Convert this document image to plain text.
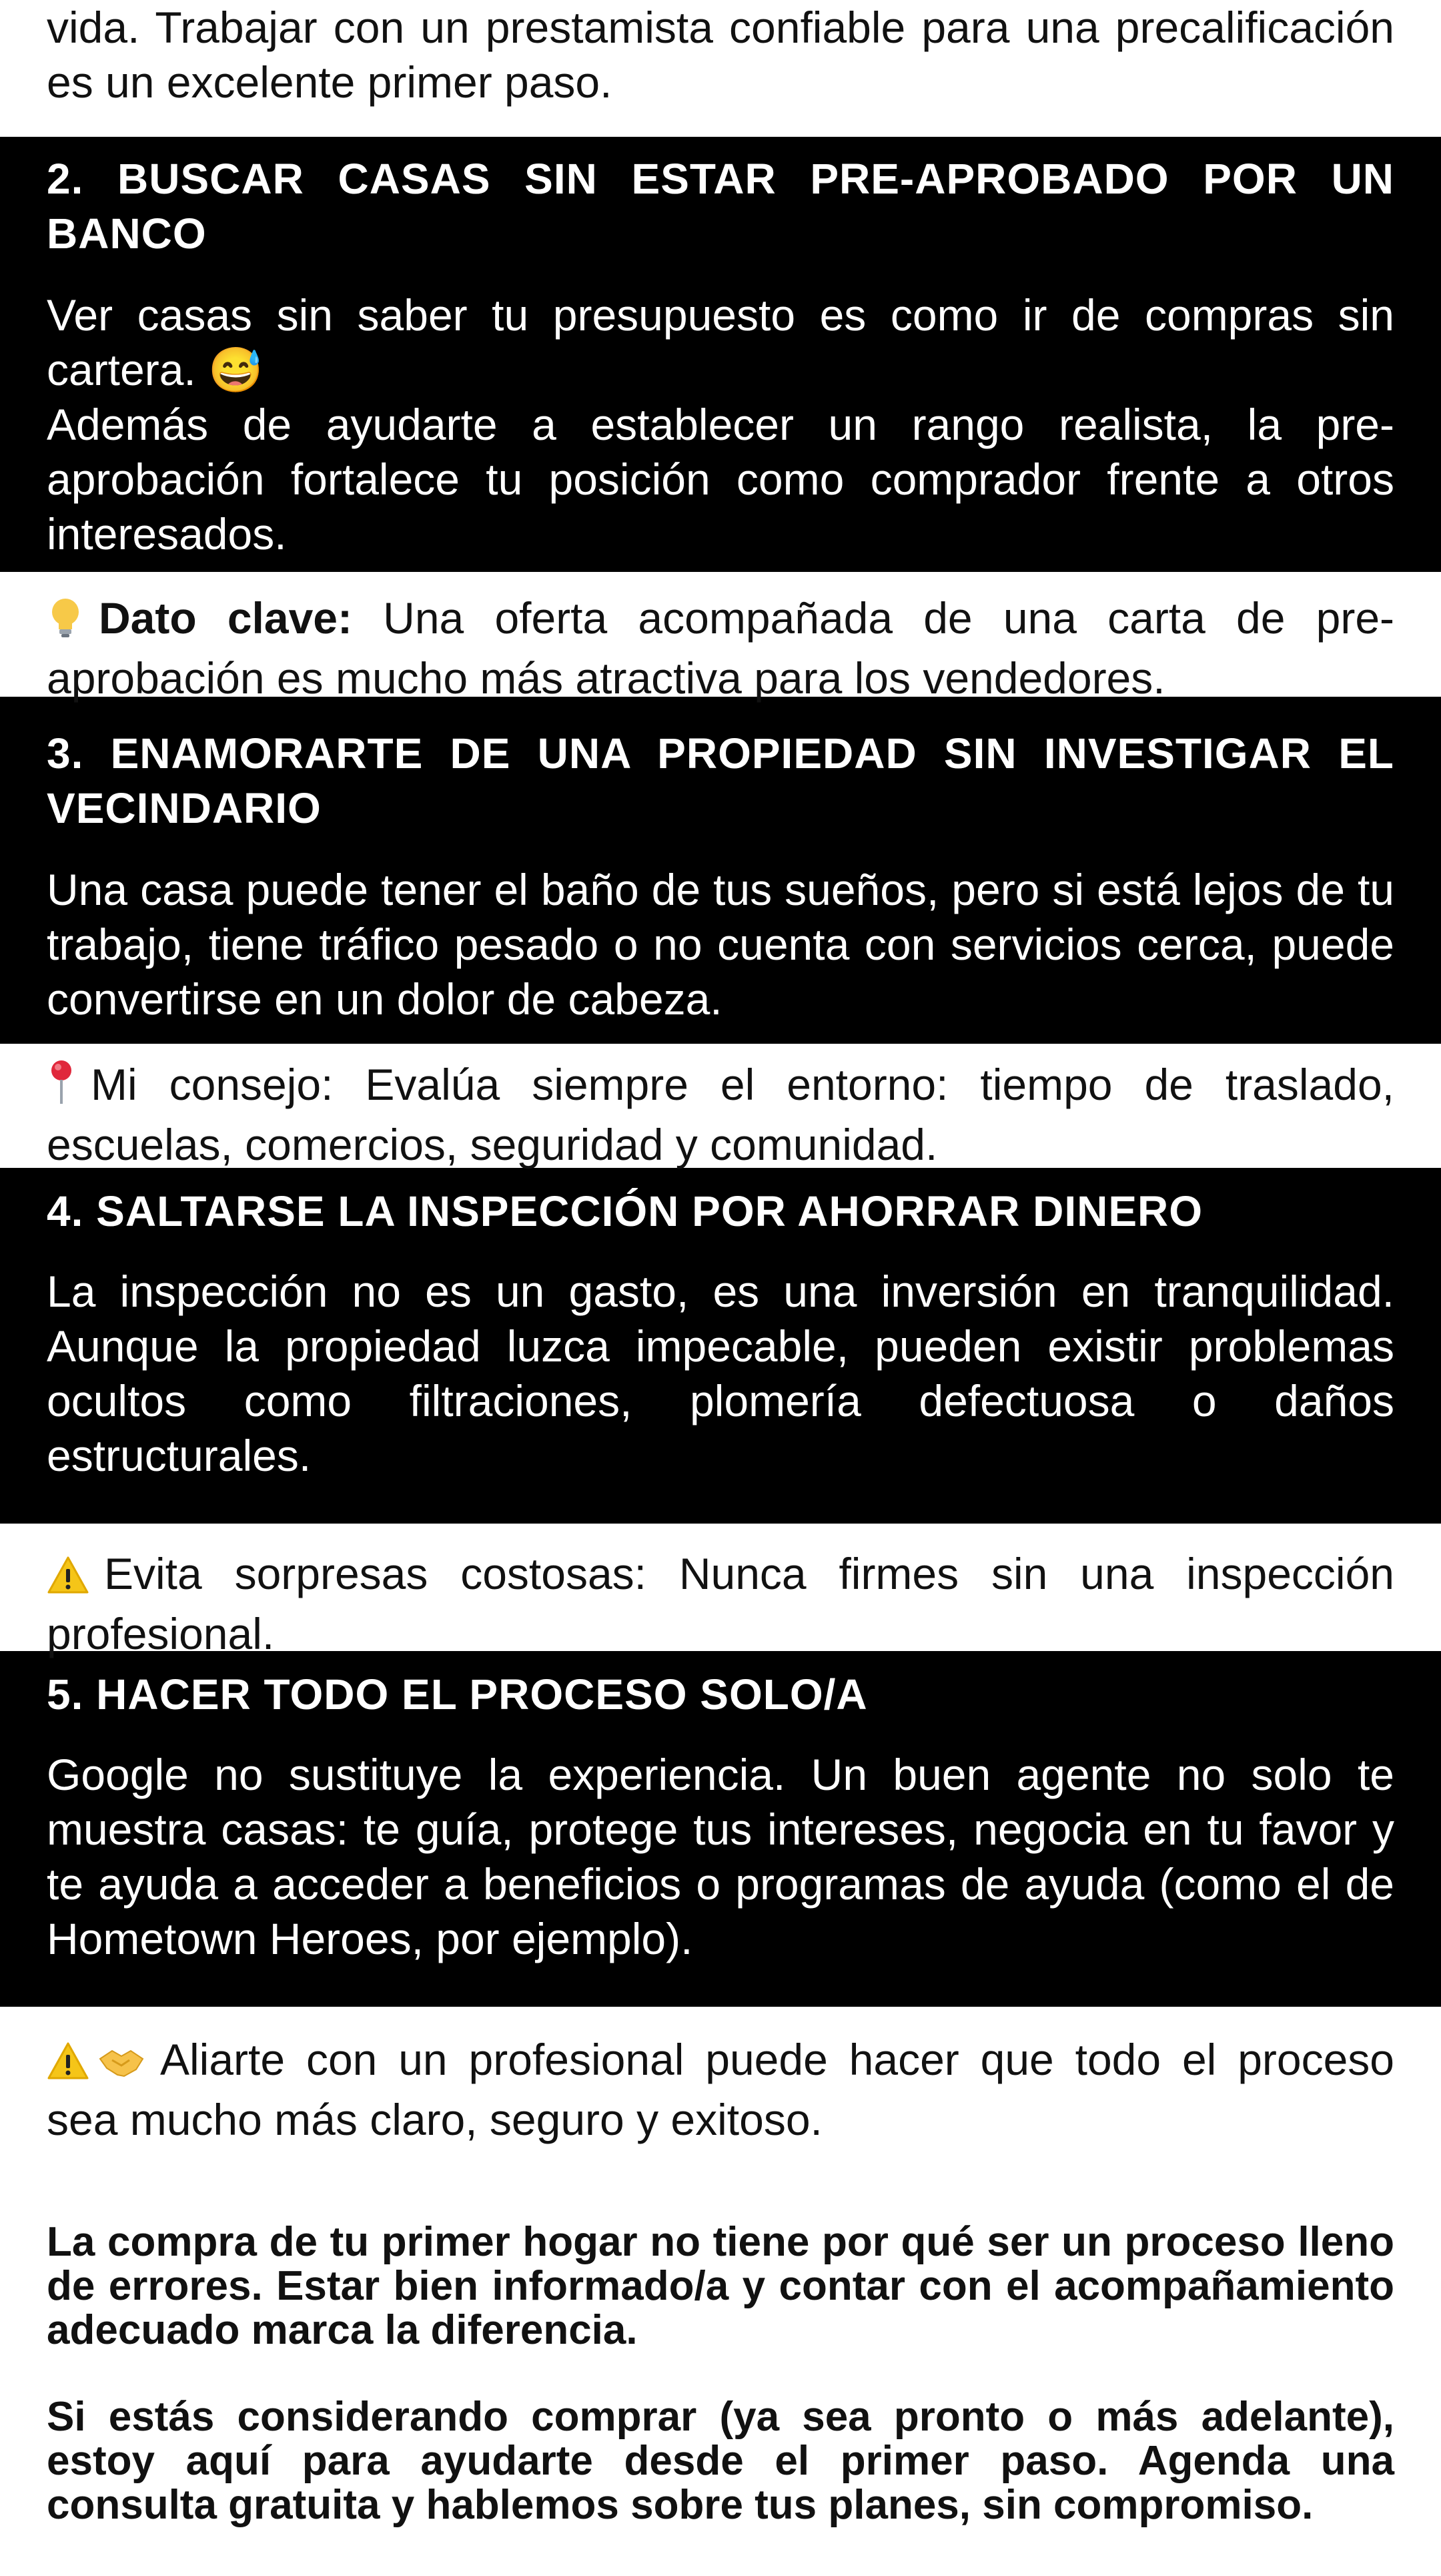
vida. Trabajar con un prestamista confiable para una precalificación es un excelente primer paso.

2. BUSCAR CASAS SIN ESTAR PRE-APROBADO POR UN BANCO

Ver casas sin saber tu presupuesto es como ir de compras sin cartera. 😅
Además de ayudarte a establecer un rango realista, la pre-aprobación fortalece tu posición como comprador frente a otros interesados.

Dato clave: Una oferta acompañada de una carta de pre-aprobación es mucho más atractiva para los vendedores.

3. ENAMORARTE DE UNA PROPIEDAD SIN INVESTIGAR EL VECINDARIO

Una casa puede tener el baño de tus sueños, pero si está lejos de tu trabajo, tiene tráfico pesado o no cuenta con servicios cerca, puede convertirse en un dolor de cabeza.

Mi consejo: Evalúa siempre el entorno: tiempo de traslado, escuelas, comercios, seguridad y comunidad.

4. SALTARSE LA INSPECCIÓN POR AHORRAR DINERO

La inspección no es un gasto, es una inversión en tranquilidad. Aunque la propiedad luzca impecable, pueden existir problemas ocultos como filtraciones, plomería defectuosa o daños estructurales.

Evita sorpresas costosas: Nunca firmes sin una inspección profesional.

5. HACER TODO EL PROCESO SOLO/A

Google no sustituye la experiencia. Un buen agente no solo te muestra casas: te guía, protege tus intereses, negocia en tu favor y te ayuda a acceder a beneficios o programas de ayuda (como el de Hometown Heroes, por ejemplo).

Aliarte con un profesional puede hacer que todo el proceso sea mucho más claro, seguro y exitoso.

La compra de tu primer hogar no tiene por qué ser un proceso lleno de errores. Estar bien informado/a y contar con el acompañamiento adecuado marca la diferencia.

Si estás considerando comprar (ya sea pronto o más adelante), estoy aquí para ayudarte desde el primer paso. Agenda una consulta gratuita y hablemos sobre tus planes, sin compromiso.
